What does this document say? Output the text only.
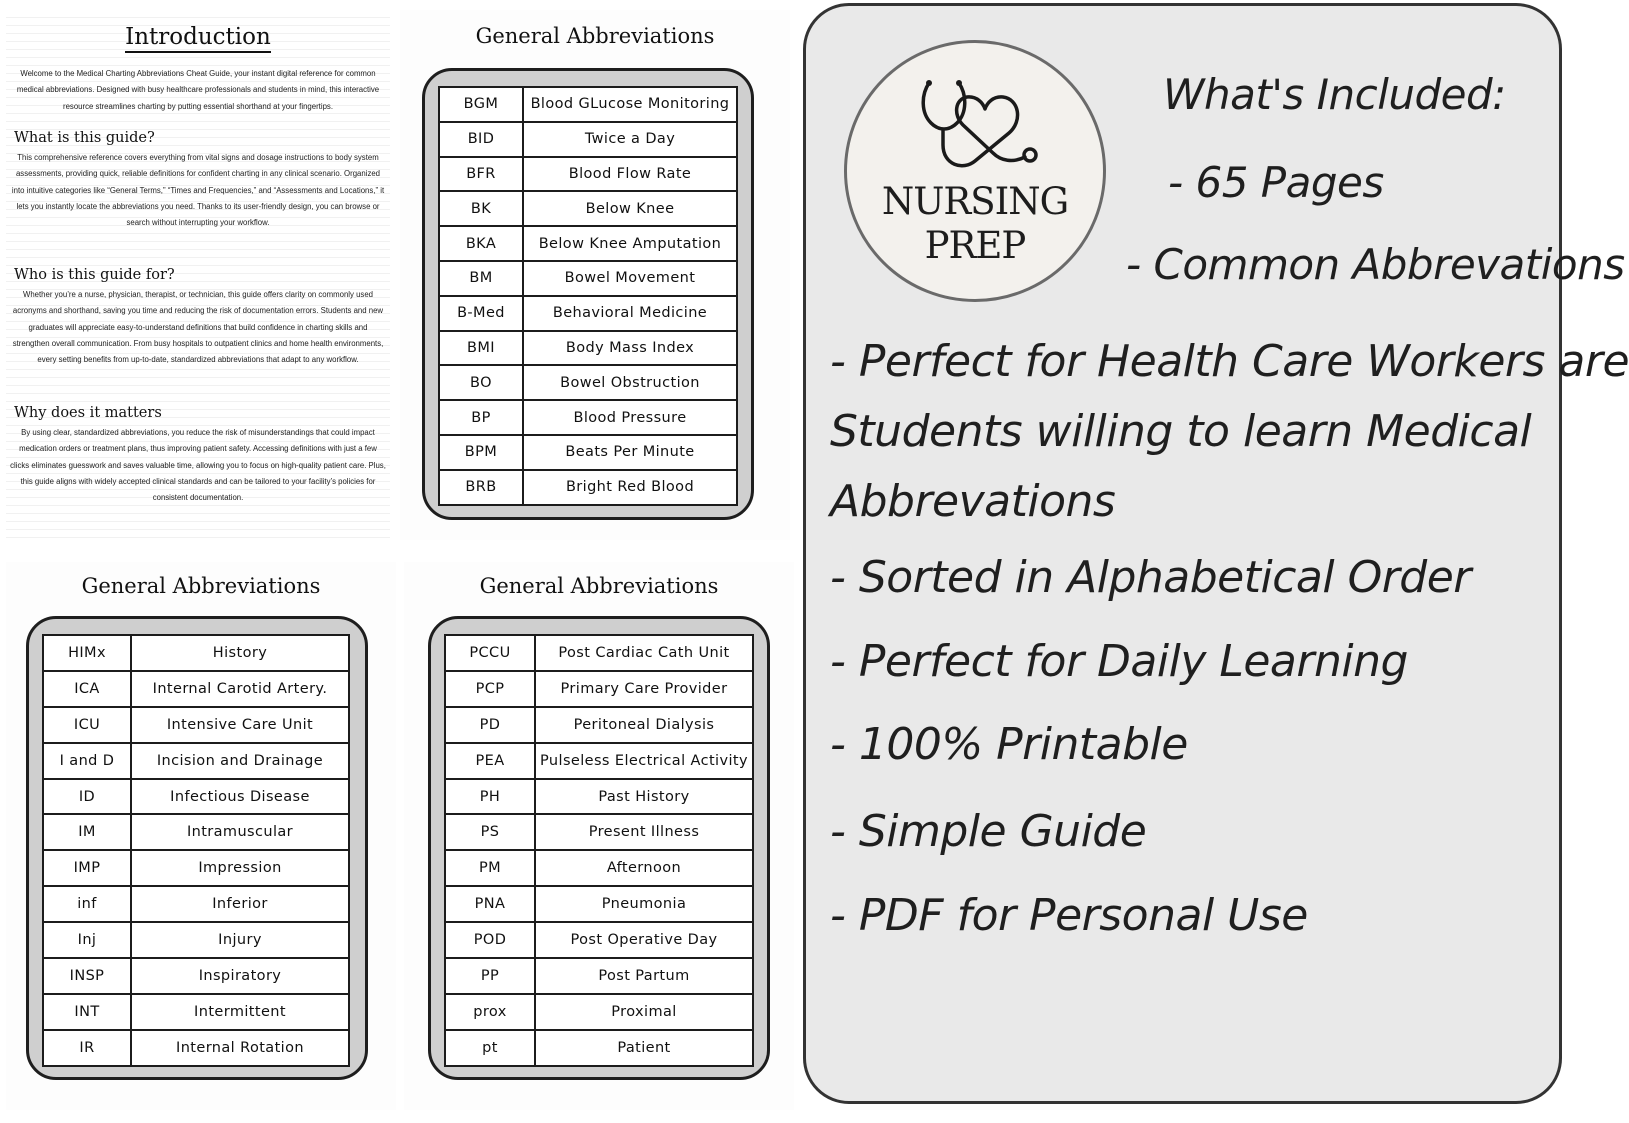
Introduction

Welcome to the Medical Charting Abbreviations Cheat Guide, your instant digital reference for common medical abbreviations. Designed with busy healthcare professionals and students in mind, this interactive resource streamlines charting by putting essential shorthand at your fingertips.

What is this guide?

This comprehensive reference covers everything from vital signs and dosage instructions to body system assessments, providing quick, reliable definitions for confident charting in any clinical scenario. Organized into intuitive categories like “General Terms,” “Times and Frequencies,” and “Assessments and Locations,” it lets you instantly locate the abbreviations you need. Thanks to its user-friendly design, you can browse or search without interrupting your workflow.

Who is this guide for?

Whether you’re a nurse, physician, therapist, or technician, this guide offers clarity on commonly used acronyms and shorthand, saving you time and reducing the risk of documentation errors. Students and new graduates will appreciate easy-to-understand definitions that build confidence in charting skills and strengthen overall communication. From busy hospitals to outpatient clinics and home health environments, every setting benefits from up-to-date, standardized abbreviations that adapt to any workflow.

Why does it matters

By using clear, standardized abbreviations, you reduce the risk of misunderstandings that could impact medication orders or treatment plans, thus improving patient safety. Accessing definitions with just a few clicks eliminates guesswork and saves valuable time, allowing you to focus on high-quality patient care. Plus, this guide aligns with widely accepted clinical standards and can be tailored to your facility’s policies for consistent documentation.

General Abbreviations
BGM	Blood GLucose Monitoring
BID	Twice a Day
BFR	Blood Flow Rate
BK	Below Knee
BKA	Below Knee Amputation
BM	Bowel Movement
B-Med	Behavioral Medicine
BMI	Body Mass Index
BO	Bowel Obstruction
BP	Blood Pressure
BPM	Beats Per Minute
BRB	Bright Red Blood
General Abbreviations
HIMx	History
ICA	Internal Carotid Artery.
ICU	Intensive Care Unit
I and D	Incision and Drainage
ID	Infectious Disease
IM	Intramuscular
IMP	Impression
inf	Inferior
Inj	Injury
INSP	Inspiratory
INT	Intermittent
IR	Internal Rotation
General Abbreviations
PCCU	Post Cardiac Cath Unit
PCP	Primary Care Provider
PD	Peritoneal Dialysis
PEA	Pulseless Electrical Activity
PH	Past History
PS	Present Illness
PM	Afternoon
PNA	Pneumonia
POD	Post Operative Day
PP	Post Partum
prox	Proximal
pt	Patient
NURSING
PREP
What's Included:
- 65 Pages
- Common Abbrevations
- Perfect for Health Care Workers are
Students willing to learn Medical
Abbrevations
- Sorted in Alphabetical Order
- Perfect for Daily Learning
- 100% Printable
- Simple Guide
- PDF for Personal Use
